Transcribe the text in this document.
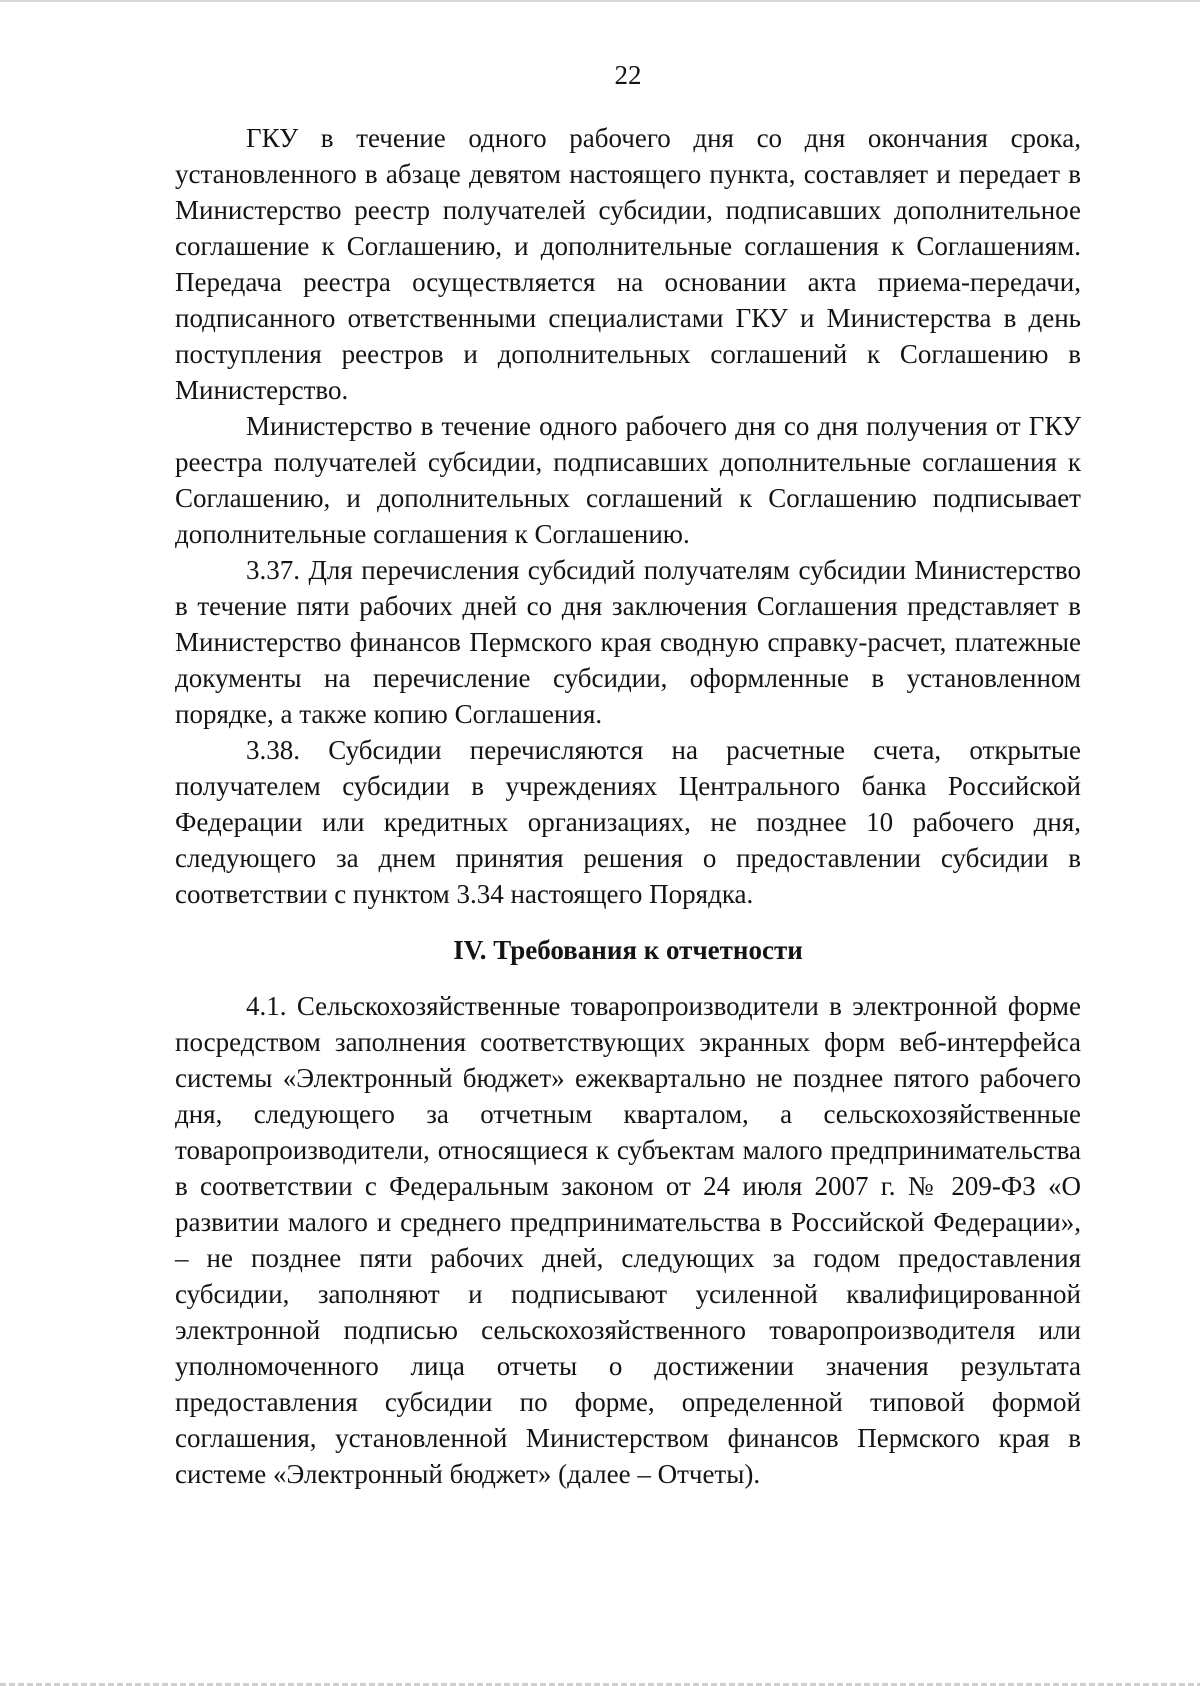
22

ГКУ в течение одного рабочего дня со дня окончания срока, установленного в абзаце девятом настоящего пункта, составляет и передает в Министерство реестр получателей субсидии, подписавших дополнительное соглашение к Соглашению, и дополнительные соглашения к Соглашениям. Передача реестра осуществляется на основании акта приема-передачи, подписанного ответственными специалистами ГКУ и Министерства в день поступления реестров и дополнительных соглашений к Соглашению в Министерство.

Министерство в течение одного рабочего дня со дня получения от ГКУ реестра получателей субсидии, подписавших дополнительные соглашения к Соглашению, и дополнительных соглашений к Соглашению подписывает дополнительные соглашения к Соглашению.

3.37. Для перечисления субсидий получателям субсидии Министерство в течение пяти рабочих дней со дня заключения Соглашения представляет в Министерство финансов Пермского края сводную справку-расчет, платежные документы на перечисление субсидии, оформленные в установленном порядке, а также копию Соглашения.

3.38. Субсидии перечисляются на расчетные счета, открытые получателем субсидии в учреждениях Центрального банка Российской Федерации или кредитных организациях, не позднее 10 рабочего дня, следующего за днем принятия решения о предоставлении субсидии в соответствии с пунктом 3.34 настоящего Порядка.

IV. Требования к отчетности

4.1. Сельскохозяйственные товаропроизводители в электронной форме посредством заполнения соответствующих экранных форм веб-интерфейса системы «Электронный бюджет» ежеквартально не позднее пятого рабочего дня, следующего за отчетным кварталом, а сельскохозяйственные товаропроизводители, относящиеся к субъектам малого предпринимательства в соответствии с Федеральным законом от 24 июля 2007 г. № 209-ФЗ «О развитии малого и среднего предпринимательства в Российской Федерации», – не позднее пяти рабочих дней, следующих за годом предоставления субсидии, заполняют и подписывают усиленной квалифицированной электронной подписью сельскохозяйственного товаропроизводителя или уполномоченного лица отчеты о достижении значения результата предоставления субсидии по форме, определенной типовой формой соглашения, установленной Министерством финансов Пермского края в системе «Электронный бюджет» (далее – Отчеты).
